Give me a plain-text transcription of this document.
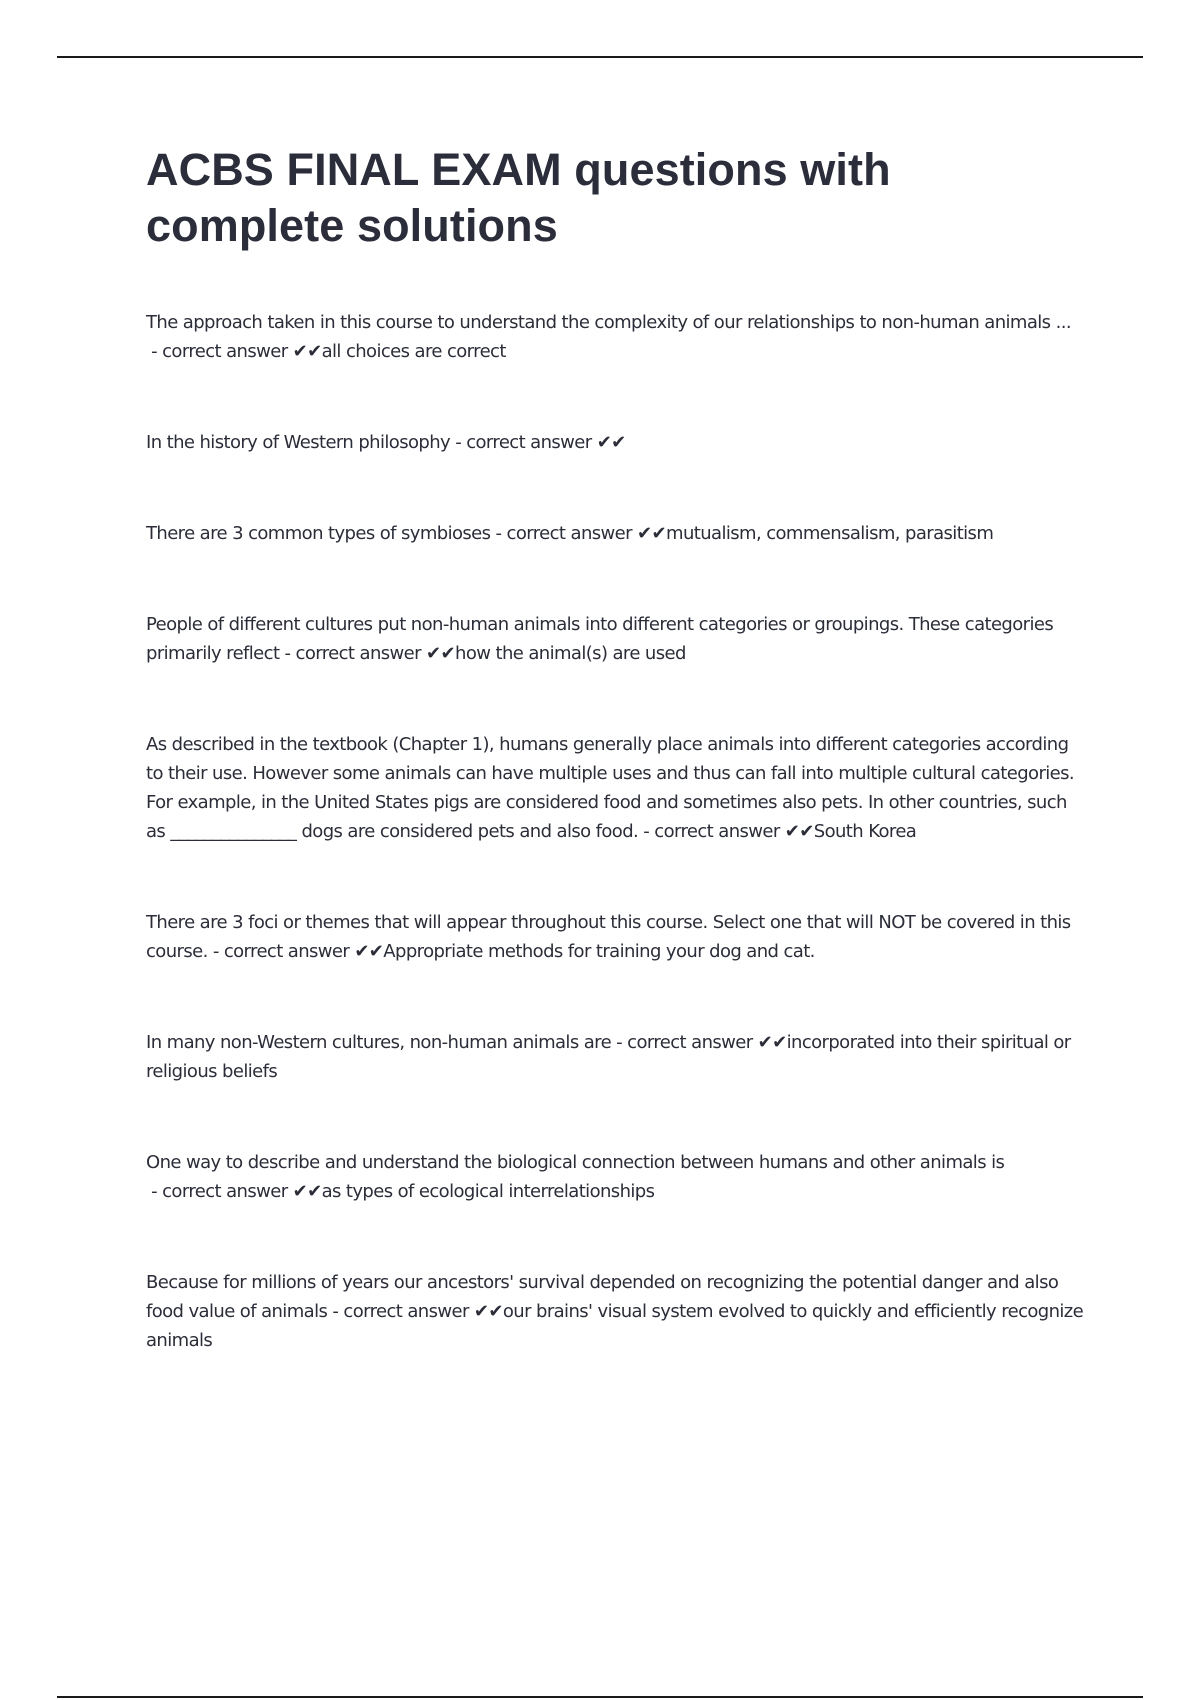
ACBS FINAL EXAM questions with complete solutions

The approach taken in this course to understand the complexity of our relationships to non-human animals ... - correct answer ✔✔all choices are correct

In the history of Western philosophy - correct answer ✔✔

There are 3 common types of symbioses - correct answer ✔✔mutualism, commensalism, parasitism

People of different cultures put non-human animals into different categories or groupings. These categories primarily reflect - correct answer ✔✔how the animal(s) are used

As described in the textbook (Chapter 1), humans generally place animals into different categories according to their use. However some animals can have multiple uses and thus can fall into multiple cultural categories. For example, in the United States pigs are considered food and sometimes also pets. In other countries, such as _______________ dogs are considered pets and also food. - correct answer ✔✔South Korea

There are 3 foci or themes that will appear throughout this course. Select one that will NOT be covered in this course. - correct answer ✔✔Appropriate methods for training your dog and cat.

In many non-Western cultures, non-human animals are - correct answer ✔✔incorporated into their spiritual or religious beliefs

One way to describe and understand the biological connection between humans and other animals is - correct answer ✔✔as types of ecological interrelationships

Because for millions of years our ancestors' survival depended on recognizing the potential danger and also food value of animals - correct answer ✔✔our brains' visual system evolved to quickly and efficiently recognize animals
